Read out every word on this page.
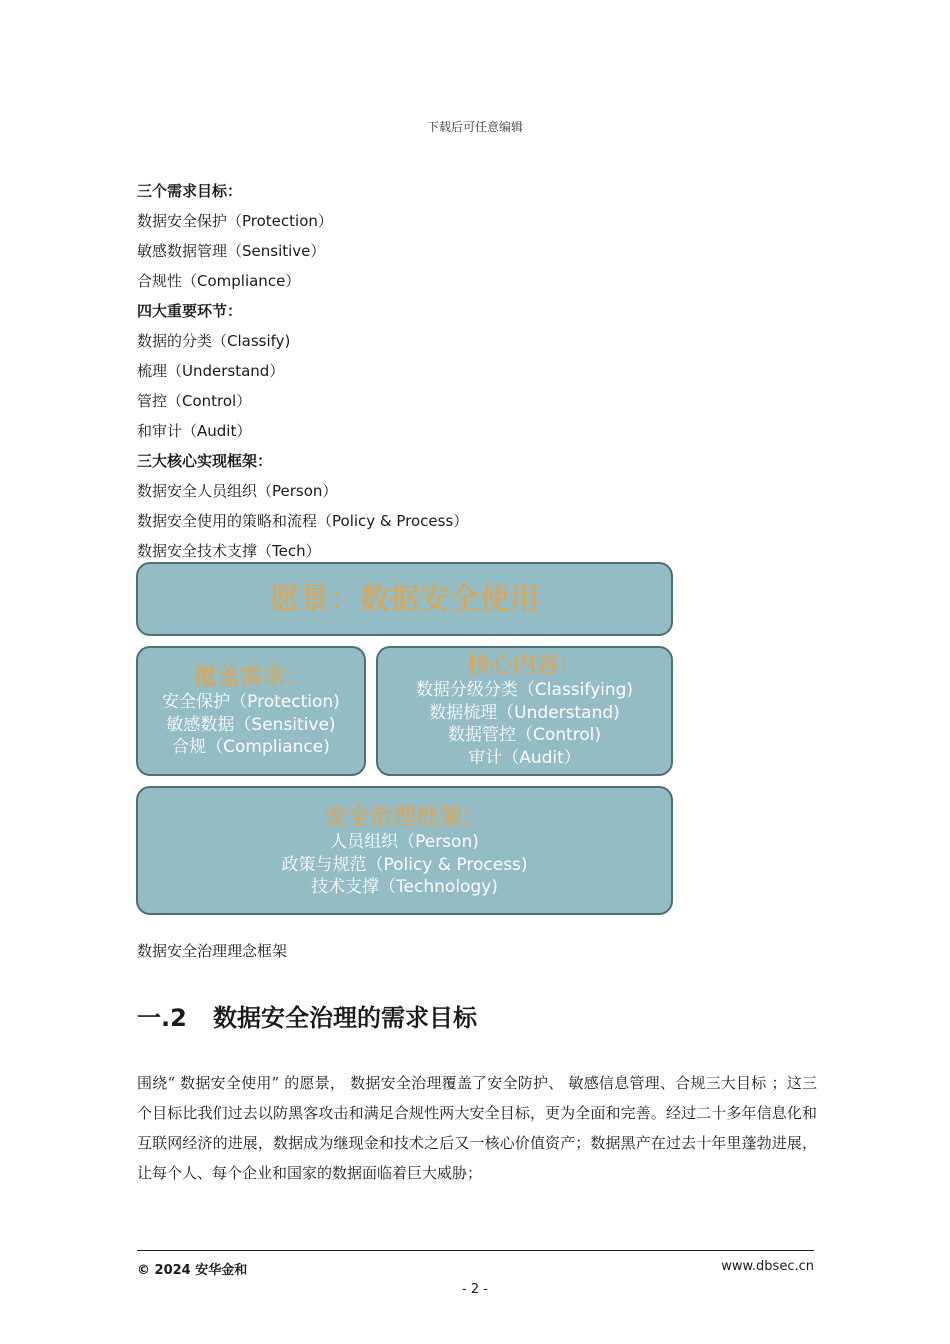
下载后可任意编辑
三个需求目标：
数据安全保护（Protection）
敏感数据管理（Sensitive）
合规性（Compliance）
四大重要环节：
数据的分类（Classify)
梳理（Understand）
管控（Control）
和审计（Audit）
三大核心实现框架：
数据安全人员组织（Person）
数据安全使用的策略和流程（Policy & Process）
数据安全技术支撑（Tech）
愿景：数据安全使用
覆盖需求：
安全保护（Protection)
敏感数据（Sensitive)
合规（Compliance)
核心内容：
数据分级分类（Classifying)
数据梳理（Understand)
数据管控（Control)
审计（Audit）
安全治理框架：
人员组织（Person)
政策与规范（Policy & Process)
技术支撑（Technology)
数据安全治理理念框架
一.2 数据安全治理的需求目标
围绕“ 数据安全使用” 的愿景， 数据安全治理覆盖了安全防护、 敏感信息管理、合规三大目标 ；这三个目标比我们过去以防黑客攻击和满足合规性两大安全目标，更为全面和完善。经过二十多年信息化和互联网经济的进展，数据成为继现金和技术之后又一核心价值资产；数据黑产在过去十年里蓬勃进展，让每个人、每个企业和国家的数据面临着巨大威胁；
© 2024 安华金和	www.dbsec.cn
- 2 -
